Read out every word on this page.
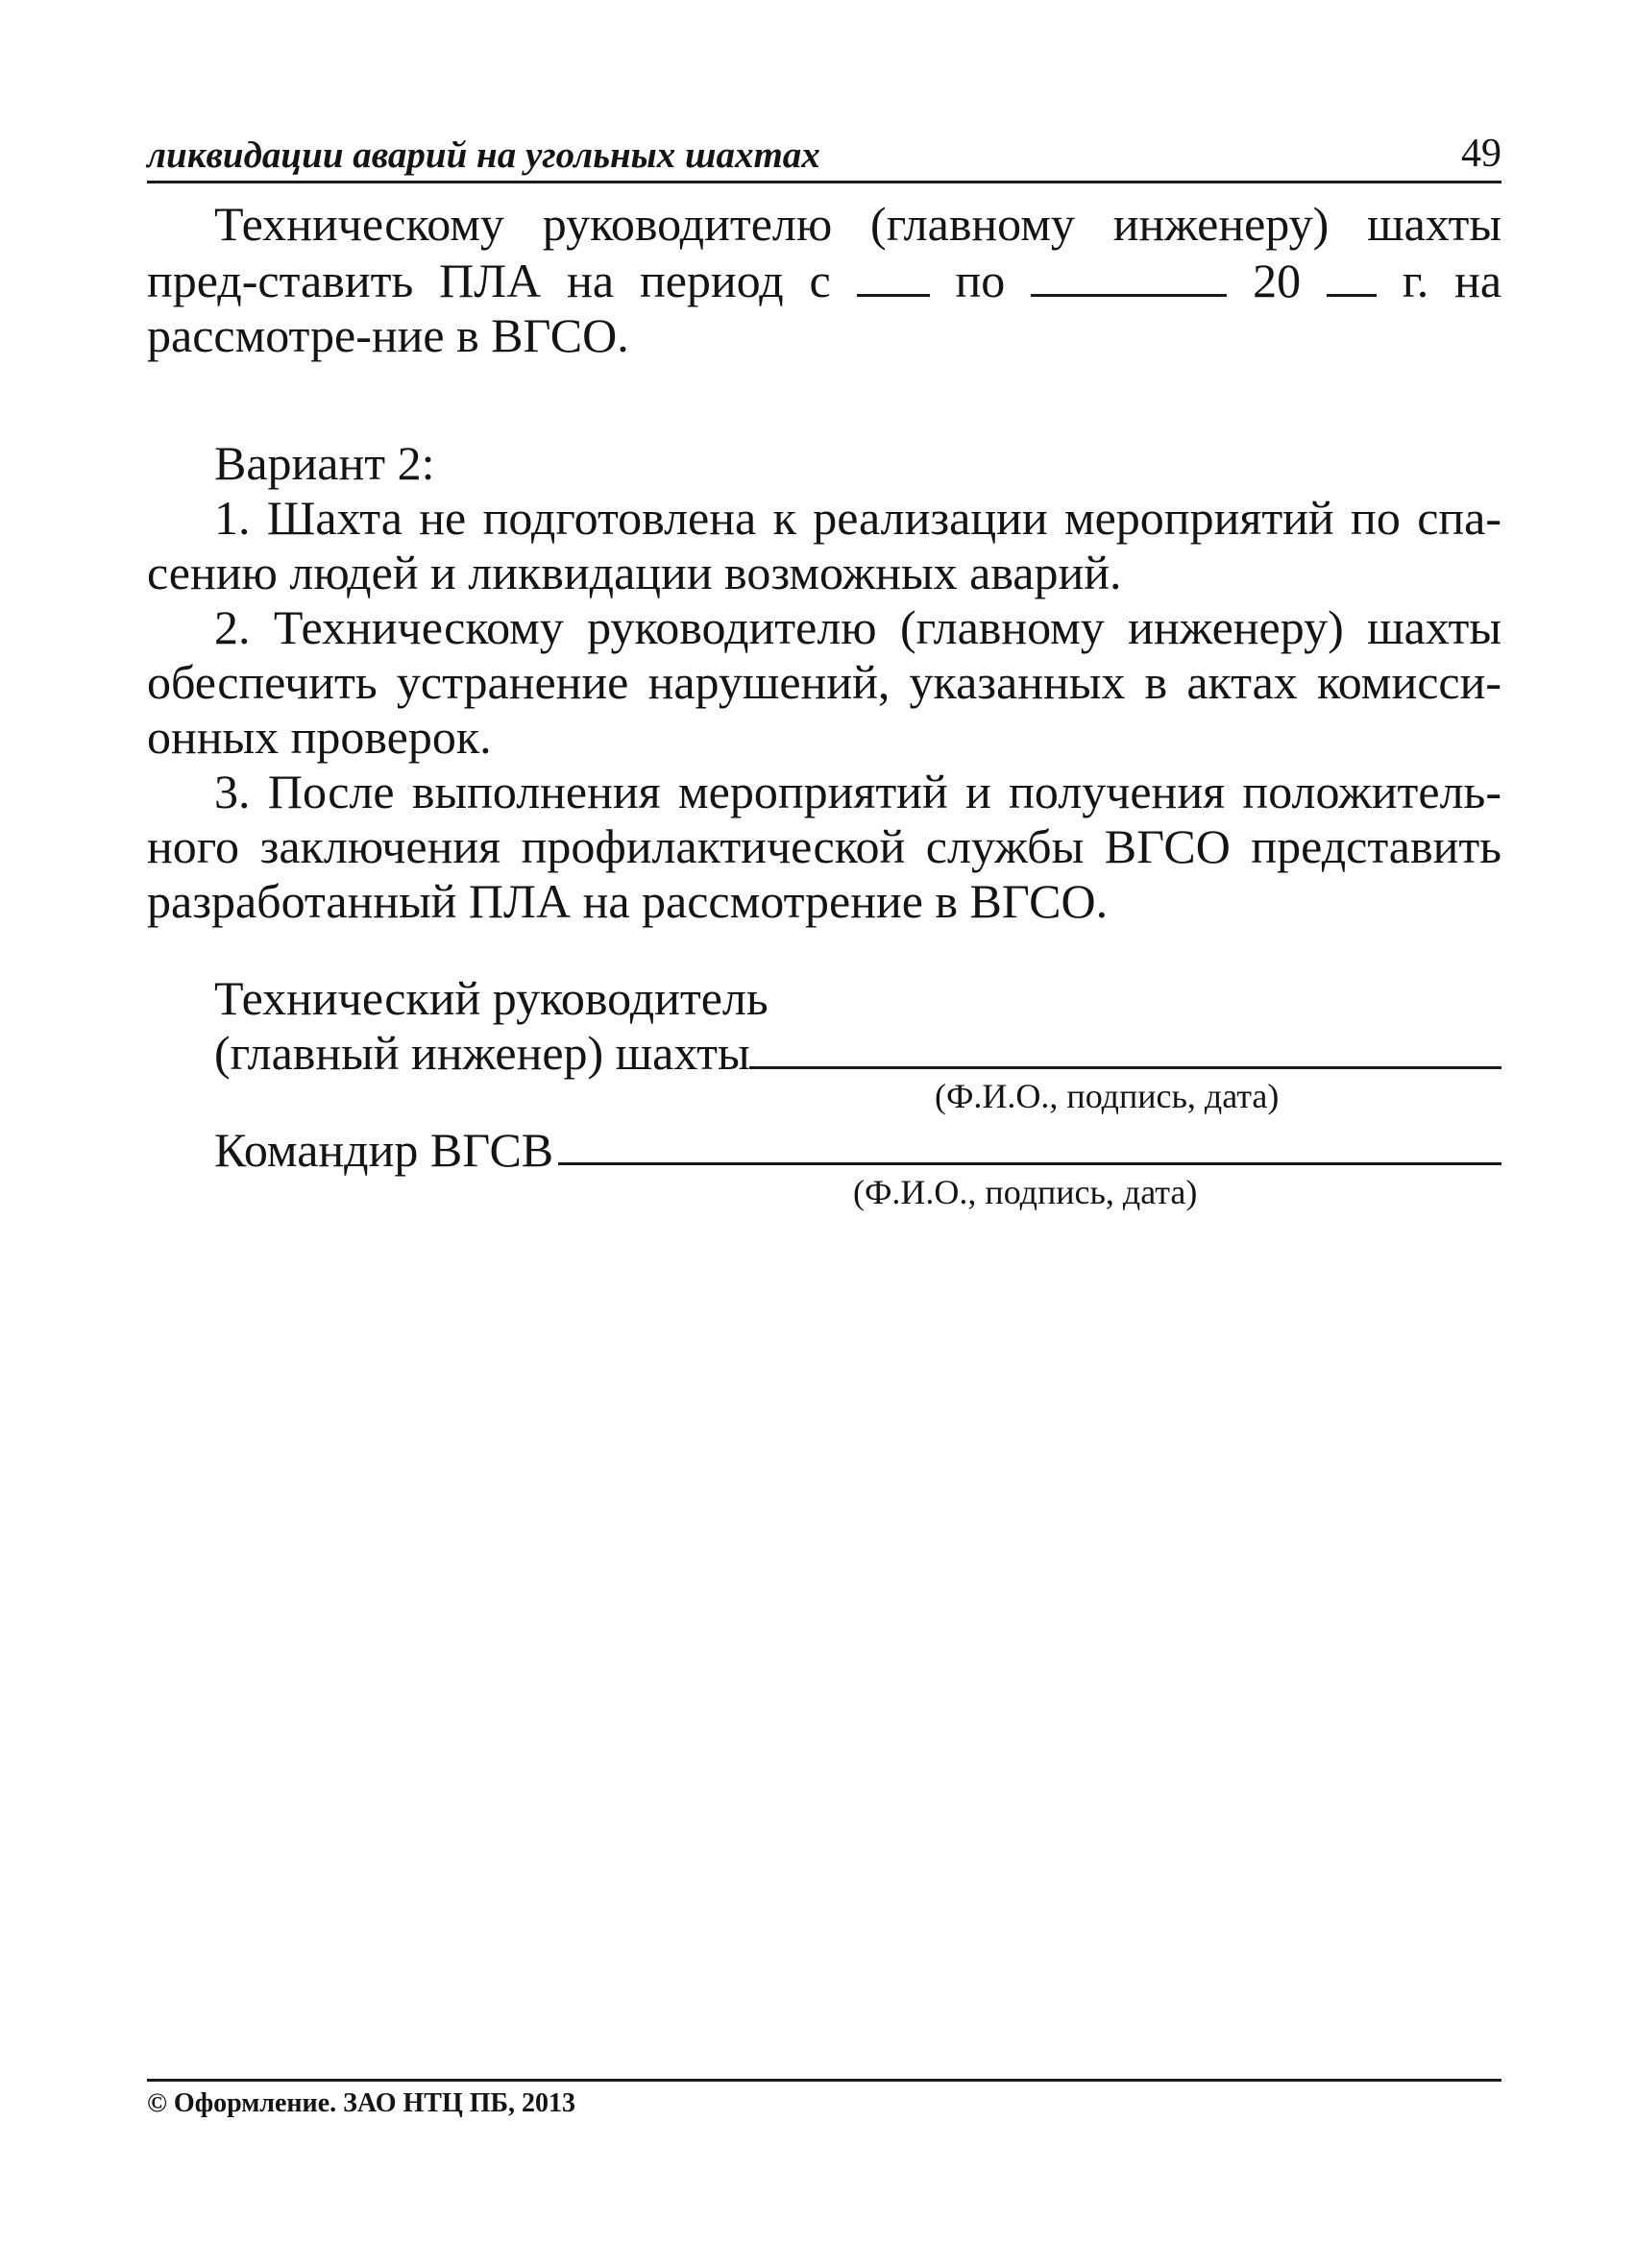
ликвидации аварий на угольных шахтах	49

Техническому руководителю (главному инженеру) шахты пред-ставить ПЛА на период с	по	20 г. на рассмотре-ние в ВГСО.

Вариант 2:

1. Шахта не подготовлена к реализации мероприятий по спа-сению людей и ликвидации возможных аварий.

2. Техническому руководителю (главному инженеру) шахты обеспечить устранение нарушений, указанных в актах комисси-онных проверок.

3. После выполнения мероприятий и получения положитель-ного заключения профилактической службы ВГСО представить разработанный ПЛА на рассмотрение в ВГСО.

Технический руководитель
(главный инженер) шахты
(Ф.И.О., подпись, дата)
Командир ВГСВ
(Ф.И.О., подпись, дата)
© Оформление. ЗАО НТЦ ПБ, 2013
